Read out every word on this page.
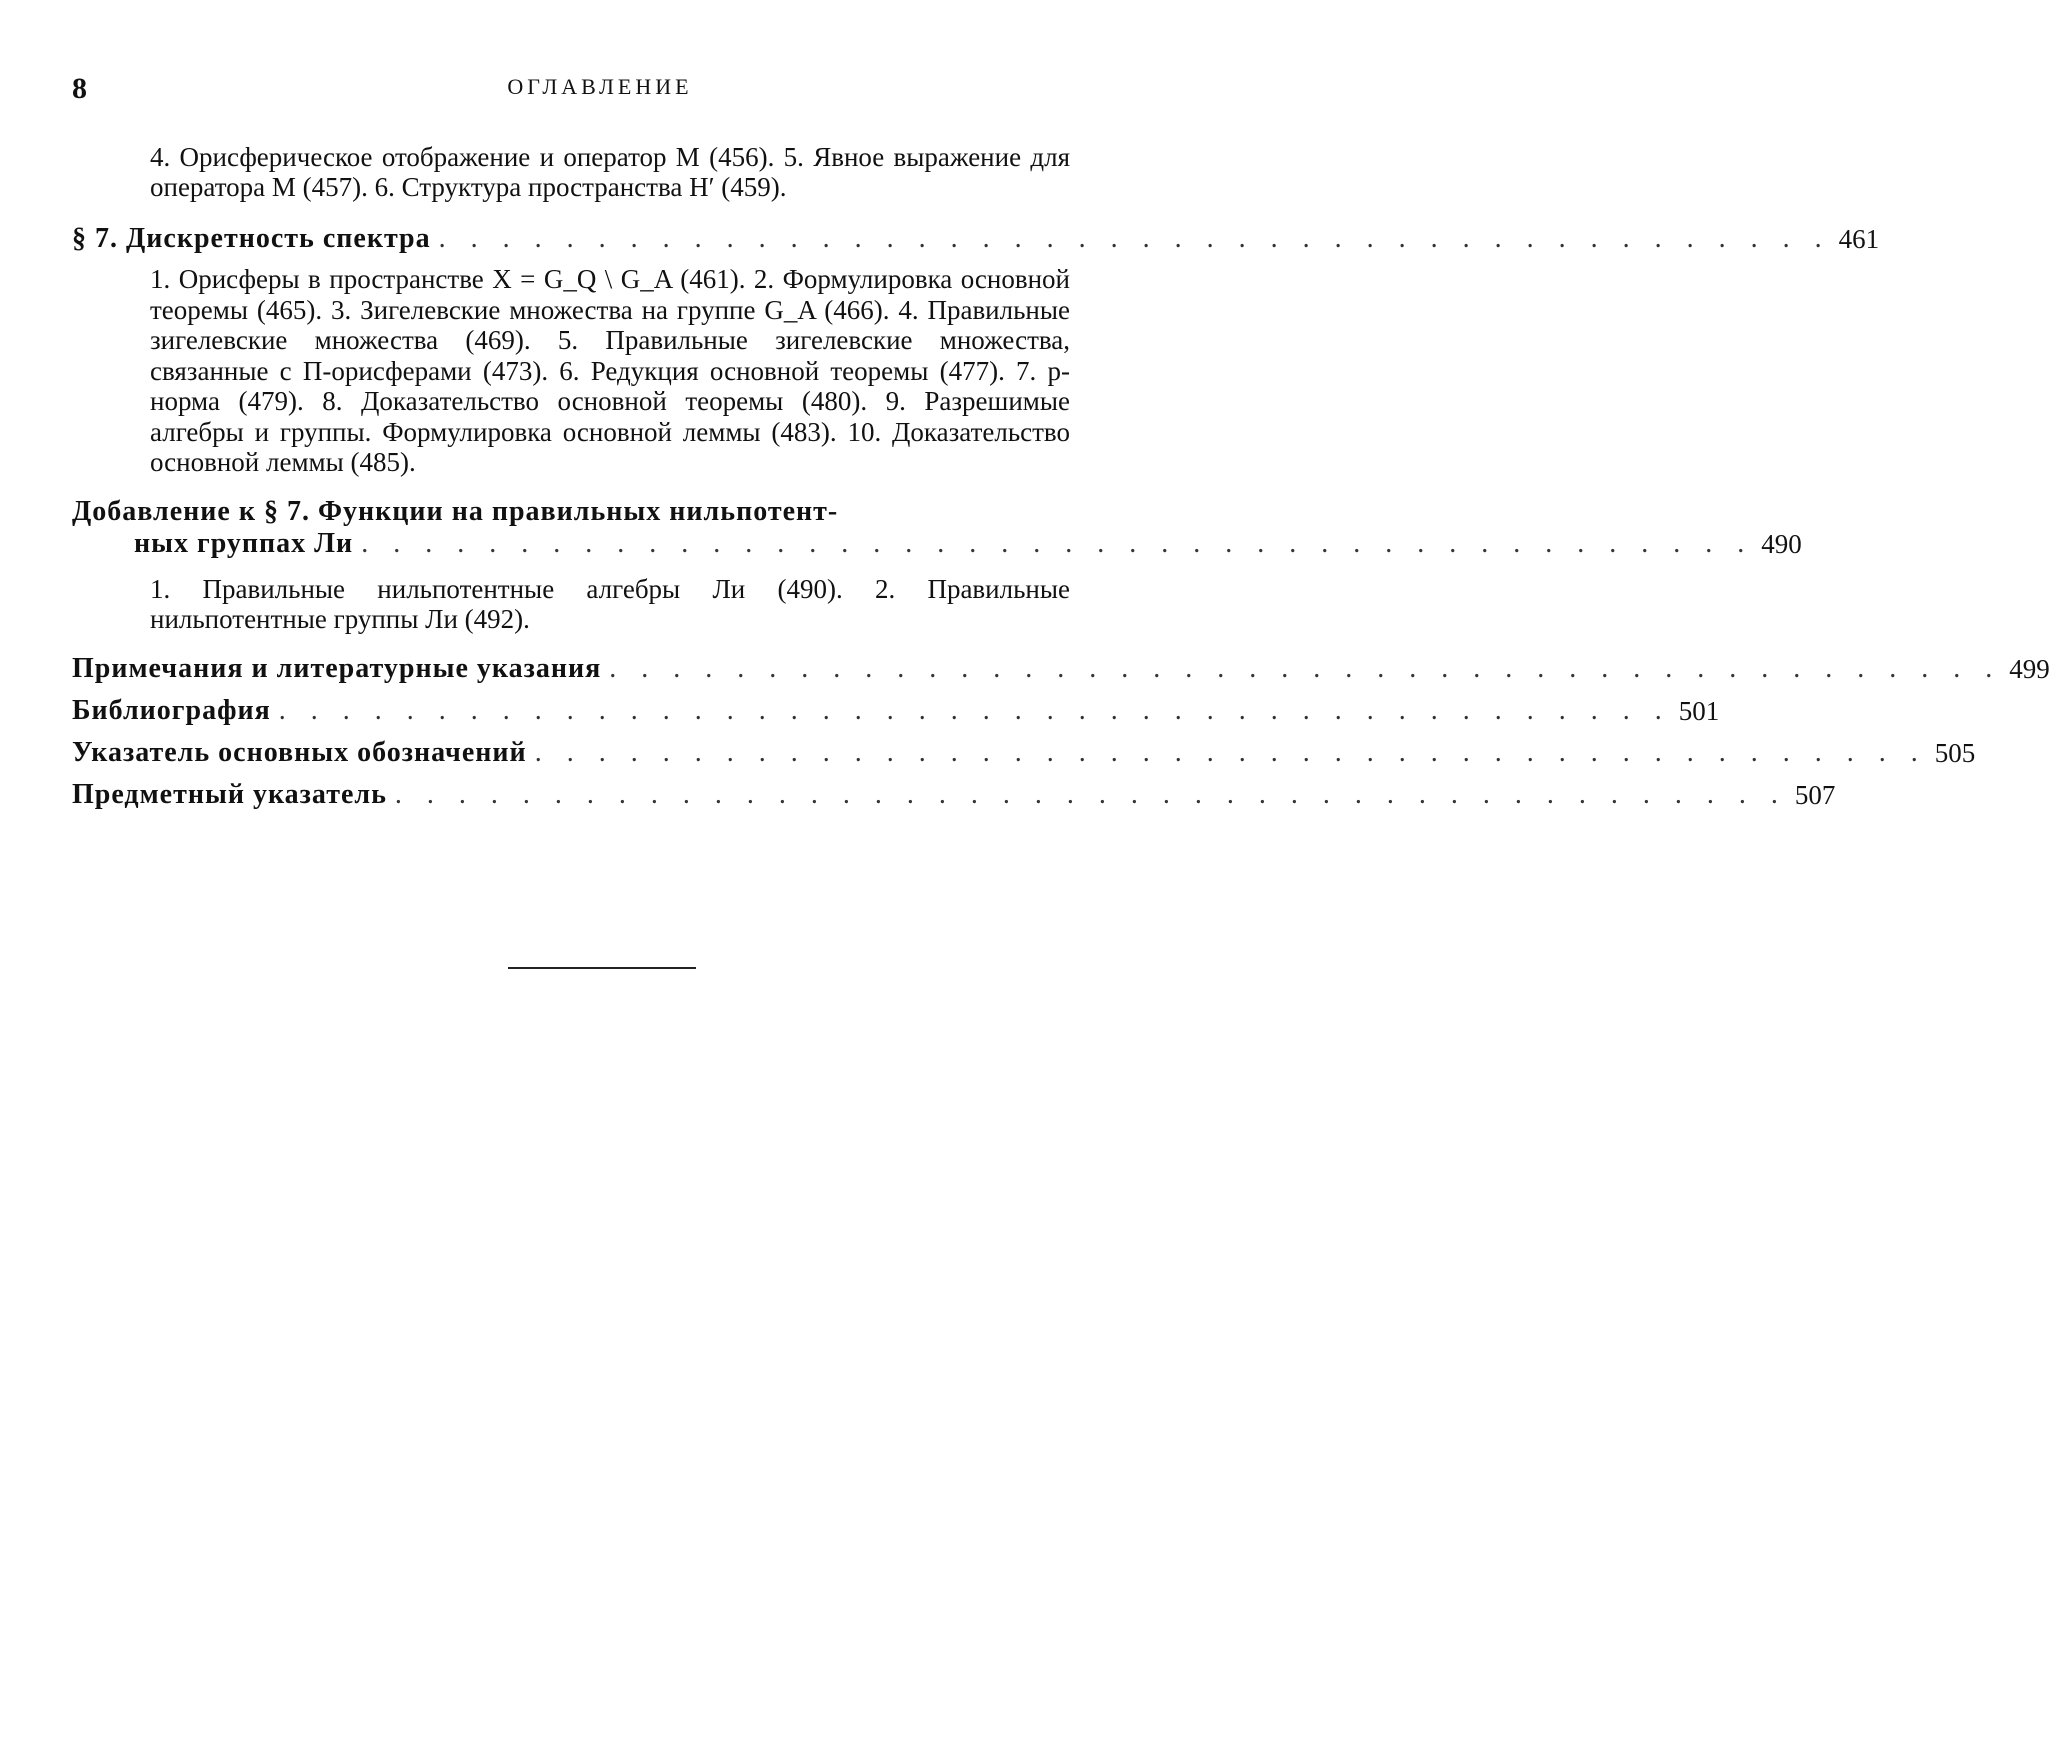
8	ОГЛАВЛЕНИЕ
4. Орисферическое отображение и оператор M (456). 5. Явное выражение для оператора M (457). 6. Структура пространства H′ (459).
§ 7. Дискретность спектра . . . . . . . . . . . . . . . . . . . . . . . . . . . . . . . . . . . . . . . . . . . . 461
1. Орисферы в пространстве X = G_Q \ G_A (461). 2. Формулировка основной теоремы (465). 3. Зигелевские множества на группе G_A (466). 4. Правильные зигелевские множества (469). 5. Правильные зигелевские множества, связанные с П-орисферами (473). 6. Редукция основной теоремы (477). 7. p-норма (479). 8. Доказательство основной теоремы (480). 9. Разрешимые алгебры и группы. Формулировка основной леммы (483). 10. Доказательство основной леммы (485).
Добавление к § 7. Функции на правильных нильпотент-
ных группах Ли . . . . . . . . . . . . . . . . . . . . . . . . . . . . . . . . . . . . . . . . . . . . 490
1. Правильные нильпотентные алгебры Ли (490). 2. Правильные нильпотентные группы Ли (492).
Примечания и литературные указания . . . . . . . . . . . . . . . . . . . . . . . . . . . . . . . . . . . . . . . . . . . . 499
Библиография . . . . . . . . . . . . . . . . . . . . . . . . . . . . . . . . . . . . . . . . . . . . 501
Указатель основных обозначений . . . . . . . . . . . . . . . . . . . . . . . . . . . . . . . . . . . . . . . . . . . . 505
Предметный указатель . . . . . . . . . . . . . . . . . . . . . . . . . . . . . . . . . . . . . . . . . . . . 507
